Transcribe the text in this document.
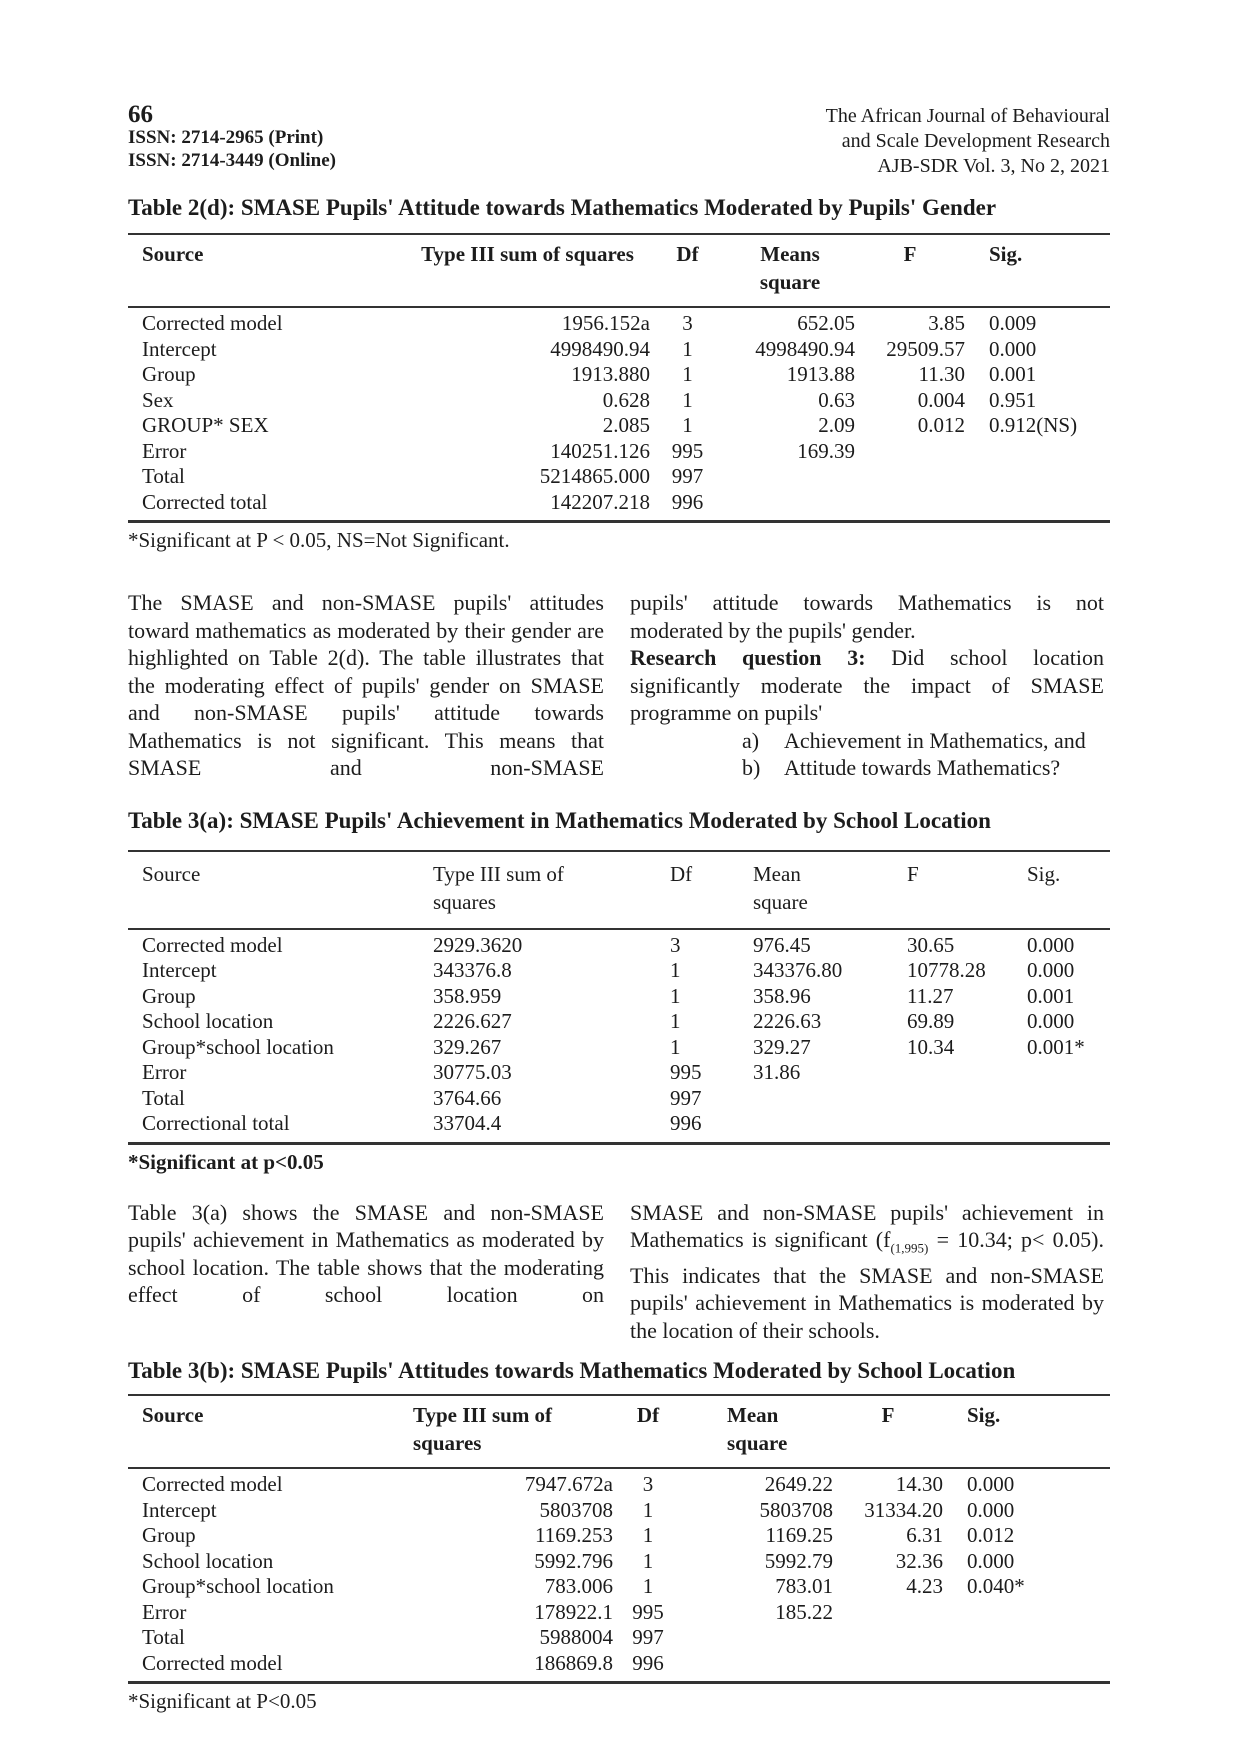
66
ISSN: 2714-2965 (Print)
ISSN: 2714-3449 (Online)
The African Journal of Behavioural
and Scale Development Research
AJB-SDR Vol. 3, No 2, 2021
Table 2(d): SMASE Pupils' Attitude towards Mathematics Moderated by Pupils' Gender
Source	Type III sum of squares	Df	Means
square
F	Sig.
Corrected model	1956.152a	3	652.05	3.85	0.009
Intercept	4998490.94	1	4998490.94	29509.57	0.000
Group	1913.880	1	1913.88	11.30	0.001
Sex	0.628	1	0.63	0.004	0.951
GROUP* SEX	2.085	1	2.09	0.012	0.912(NS)
Error	140251.126	995	169.39
Total	5214865.000	997
Corrected total	142207.218	996
*Significant at P < 0.05, NS=Not Significant.

The SMASE and non-SMASE pupils' attitudes toward mathematics as moderated by their gender are highlighted on Table 2(d). The table illustrates that the moderating effect of pupils' gender on SMASE and non-SMASE pupils' attitude towards Mathematics is not significant. This means that SMASE and non-SMASE

pupils' attitude towards Mathematics is not moderated by the pupils' gender.

Research question 3: Did school location significantly moderate the impact of SMASE programme on pupils'

a)	Achievement in Mathematics, and
b)	Attitude towards Mathematics?
Table 3(a): SMASE Pupils' Achievement in Mathematics Moderated by School Location
Source	Type III sum of
squares
Df	Mean
square
F	Sig.
Corrected model	2929.3620	3	976.45	30.65	0.000
Intercept	343376.8	1	343376.80	10778.28	0.000
Group	358.959	1	358.96	11.27	0.001
School location	2226.627	1	2226.63	69.89	0.000
Group*school location	329.267	1	329.27	10.34	0.001*
Error	30775.03	995	31.86
Total	3764.66	997
Correctional total	33704.4	996
*Significant at p<0.05

Table 3(a) shows the SMASE and non-SMASE pupils' achievement in Mathematics as moderated by school location. The table shows that the moderating effect of school location on

SMASE and non-SMASE pupils' achievement in Mathematics is significant ($f_{(1,995)} = 10.34$; p< 0.05). This indicates that the SMASE and non-SMASE pupils' achievement in Mathematics is moderated by the location of their schools.

Table 3(b): SMASE Pupils' Attitudes towards Mathematics Moderated by School Location
Source	Type III sum of
squares
Df	Mean
square
F	Sig.
Corrected model	7947.672a	3	2649.22	14.30	0.000
Intercept	5803708	1	5803708	31334.20	0.000
Group	1169.253	1	1169.25	6.31	0.012
School location	5992.796	1	5992.79	32.36	0.000
Group*school location	783.006	1	783.01	4.23	0.040*
Error	178922.1 995	185.22
Total	5988004 997
Corrected model	186869.8 996
*Significant at P<0.05
